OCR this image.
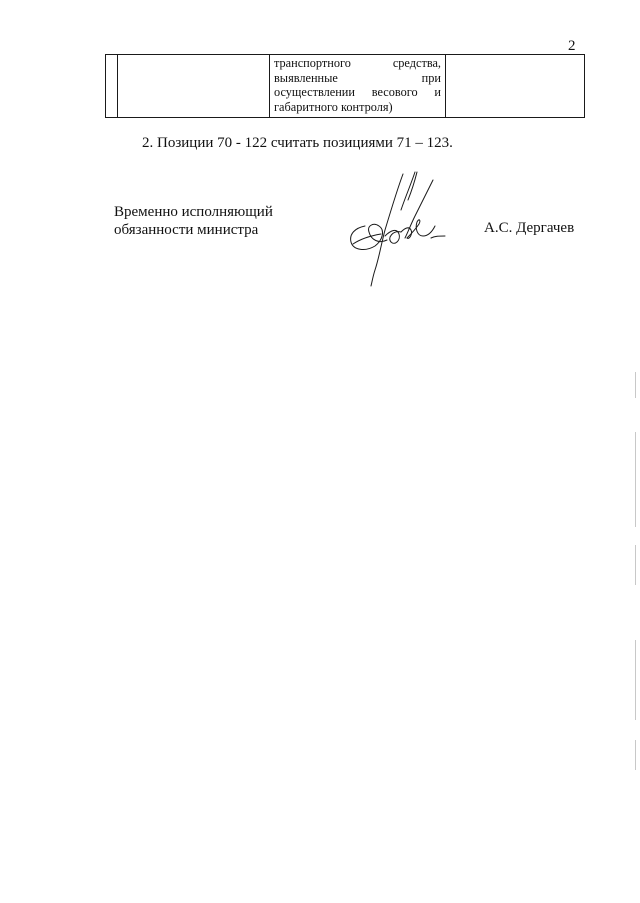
2

транспортного средства,
выявленные при
осуществлении весового и
габаритного контроля)

2. Позиции 70 - 122 считать позициями 71 – 123.
Временно исполняющий
обязанности министра	А.С. Дергачев
